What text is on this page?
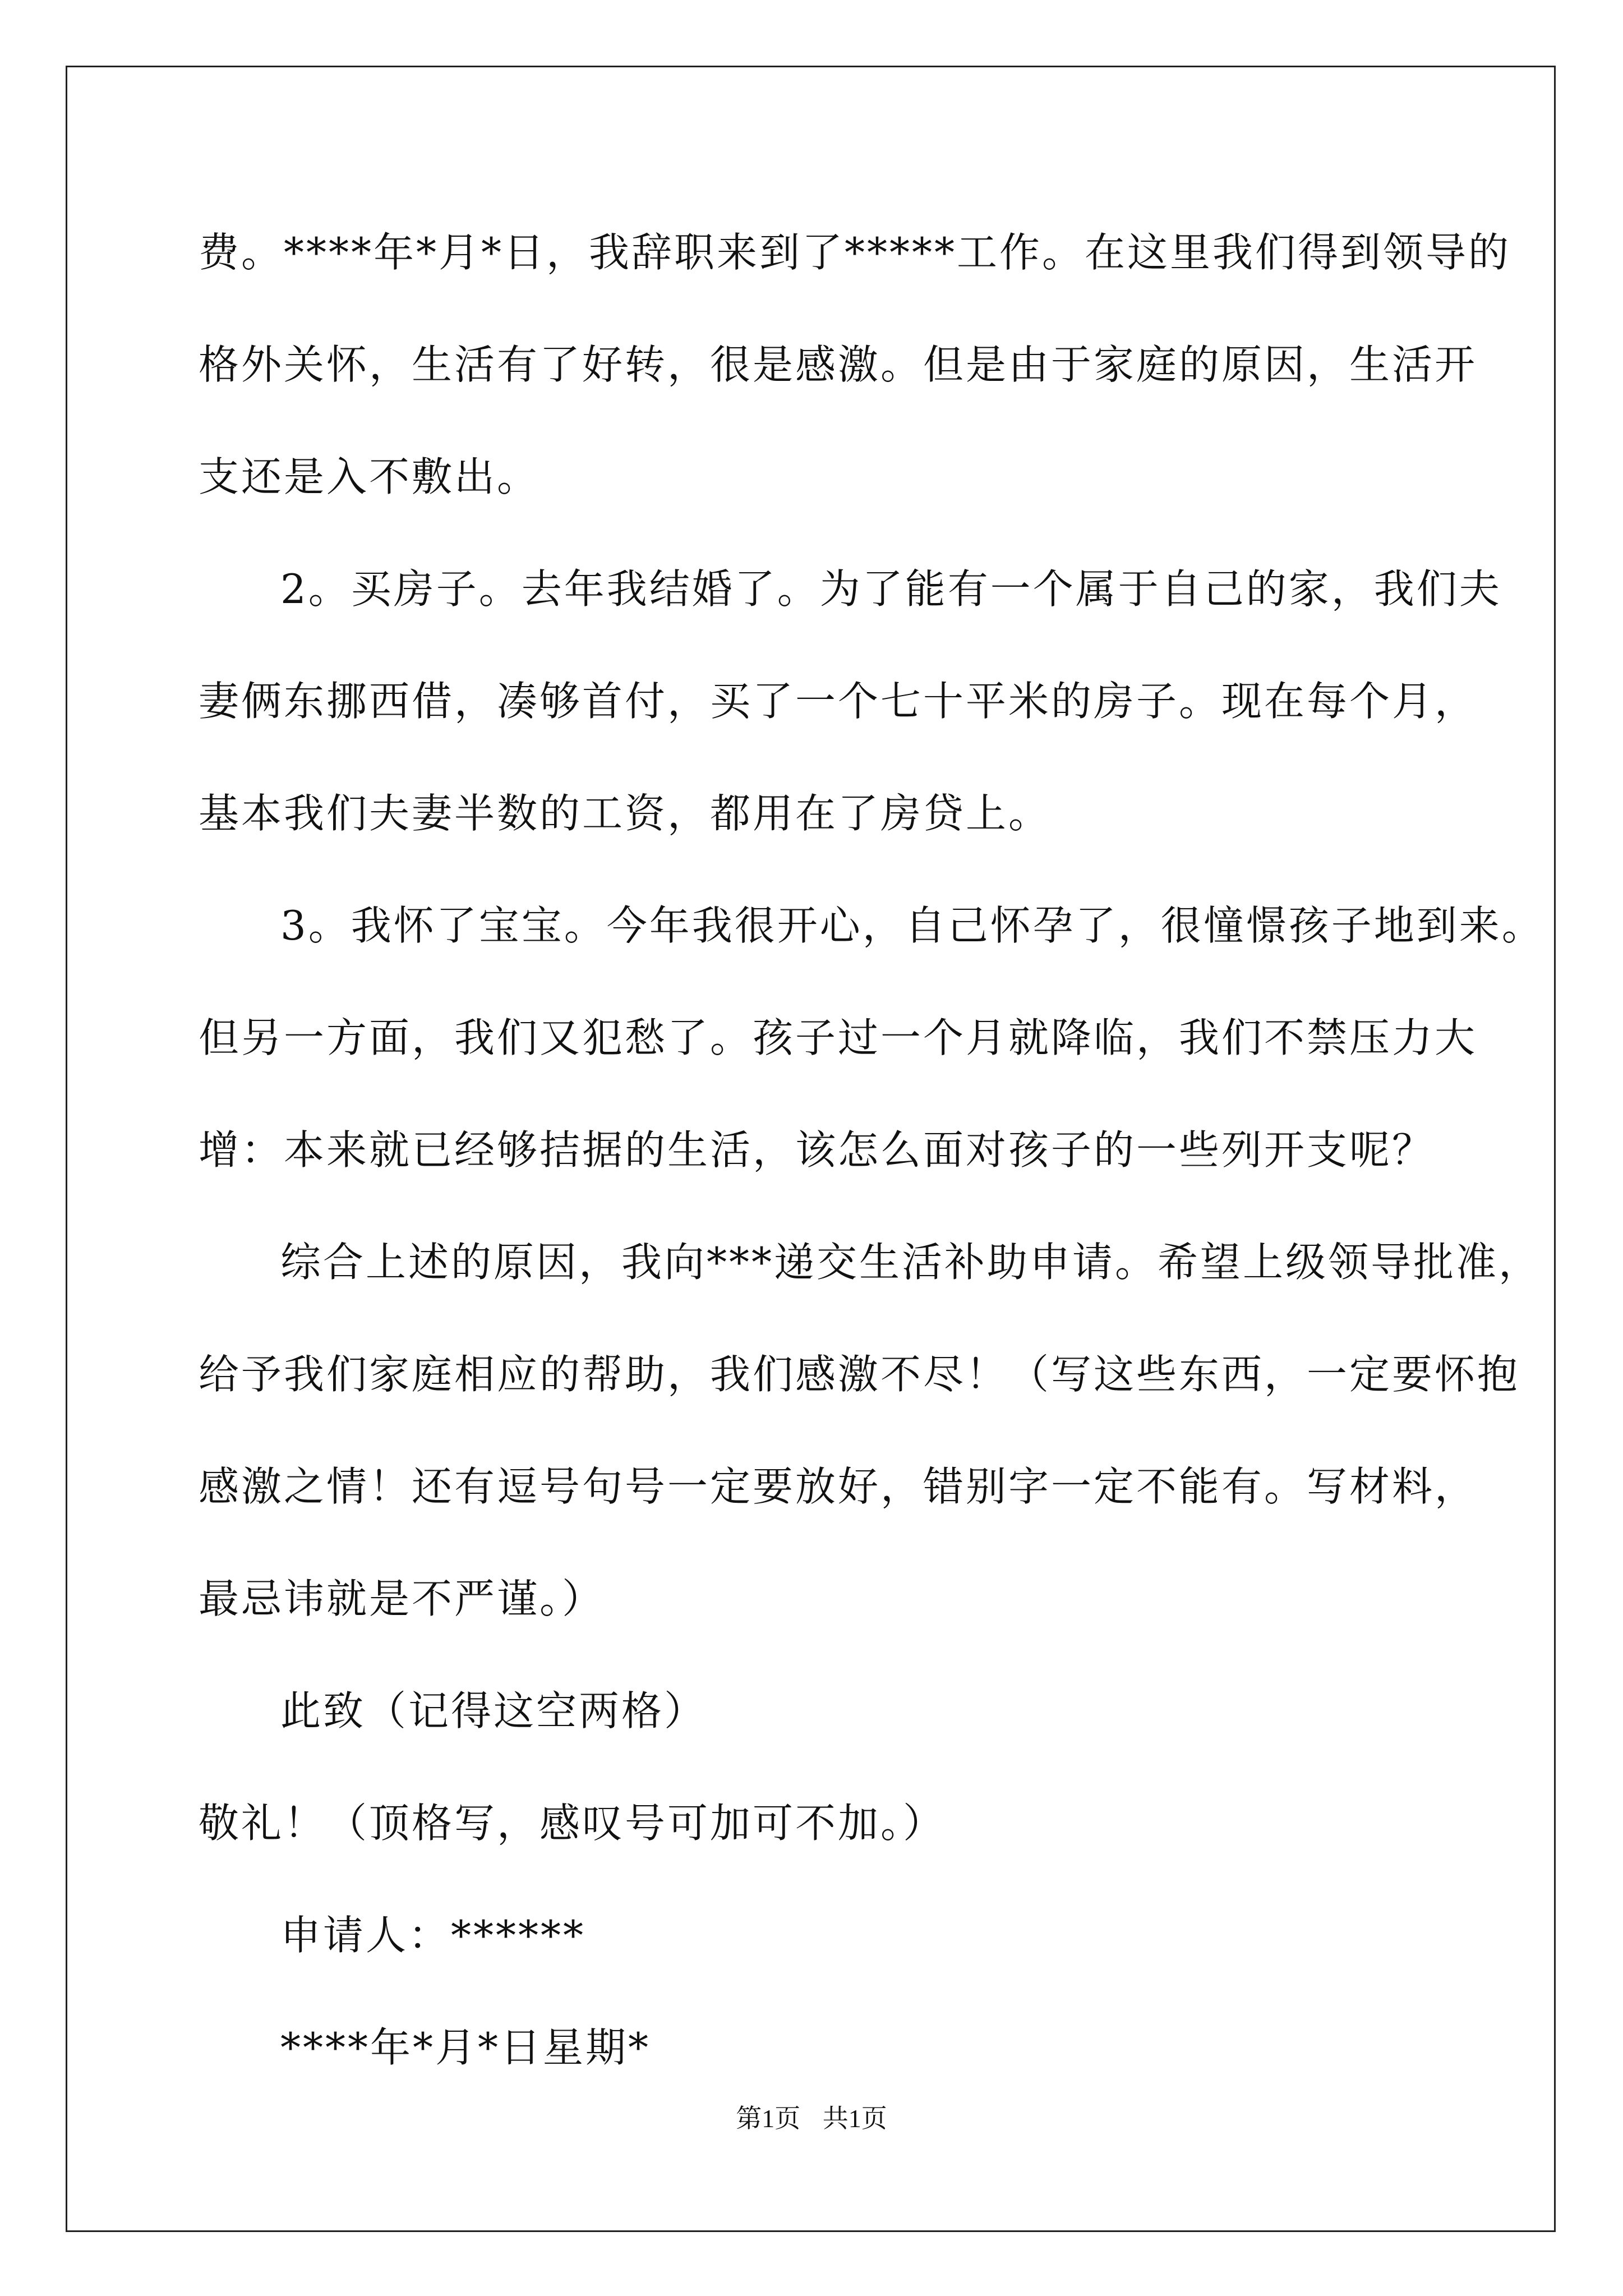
费。****年*月*日，我辞职来到了*****工作。在这里我们得到领导的
格外关怀，生活有了好转，很是感激。但是由于家庭的原因，生活开
支还是入不敷出。
2。买房子。去年我结婚了。为了能有一个属于自己的家，我们夫
妻俩东挪西借，凑够首付，买了一个七十平米的房子。现在每个月，
基本我们夫妻半数的工资，都用在了房贷上。
3。我怀了宝宝。今年我很开心，自己怀孕了，很憧憬孩子地到来。
但另一方面，我们又犯愁了。孩子过一个月就降临，我们不禁压力大
增：本来就已经够拮据的生活，该怎么面对孩子的一些列开支呢？
综合上述的原因，我向***递交生活补助申请。希望上级领导批准，
给予我们家庭相应的帮助，我们感激不尽！（写这些东西，一定要怀抱
感激之情！还有逗号句号一定要放好，错别字一定不能有。写材料，
最忌讳就是不严谨。）
此致（记得这空两格）
敬礼！（顶格写，感叹号可加可不加。）
申请人：******
****年*月*日星期*
第1页 共1页
